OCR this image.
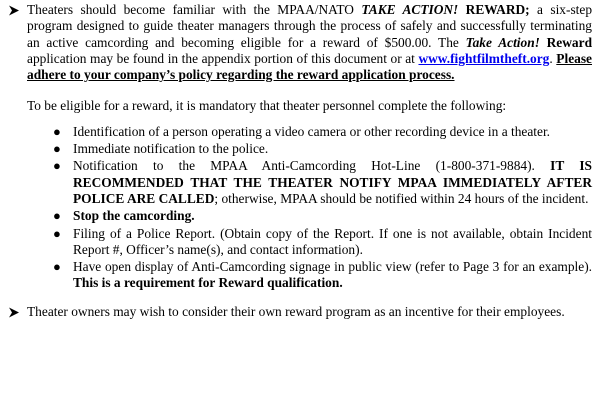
Theaters should become familiar with the MPAA/NATO TAKE ACTION! REWARD; a six-step program designed to guide theater managers through the process of safely and successfully terminating an active camcording and becoming eligible for a reward of $500.00. The Take Action! Reward application may be found in the appendix portion of this document or at www.fightfilmtheft.org. Please adhere to your company’s policy regarding the reward application process.

To be eligible for a reward, it is mandatory that theater personnel complete the following:

● Identification of a person operating a video camera or other recording device in a theater.
● Immediate notification to the police.
● Notification to the MPAA Anti-Camcording Hot-Line (1-800-371-9884). IT IS RECOMMENDED THAT THE THEATER NOTIFY MPAA IMMEDIATELY AFTER POLICE ARE CALLED; otherwise, MPAA should be notified within 24 hours of the incident.
● Stop the camcording.
● Filing of a Police Report. (Obtain copy of the Report. If one is not available, obtain Incident Report #, Officer’s name(s), and contact information).
● Have open display of Anti-Camcording signage in public view (refer to Page 3 for an example). This is a requirement for Reward qualification.
Theater owners may wish to consider their own reward program as an incentive for their employees.
